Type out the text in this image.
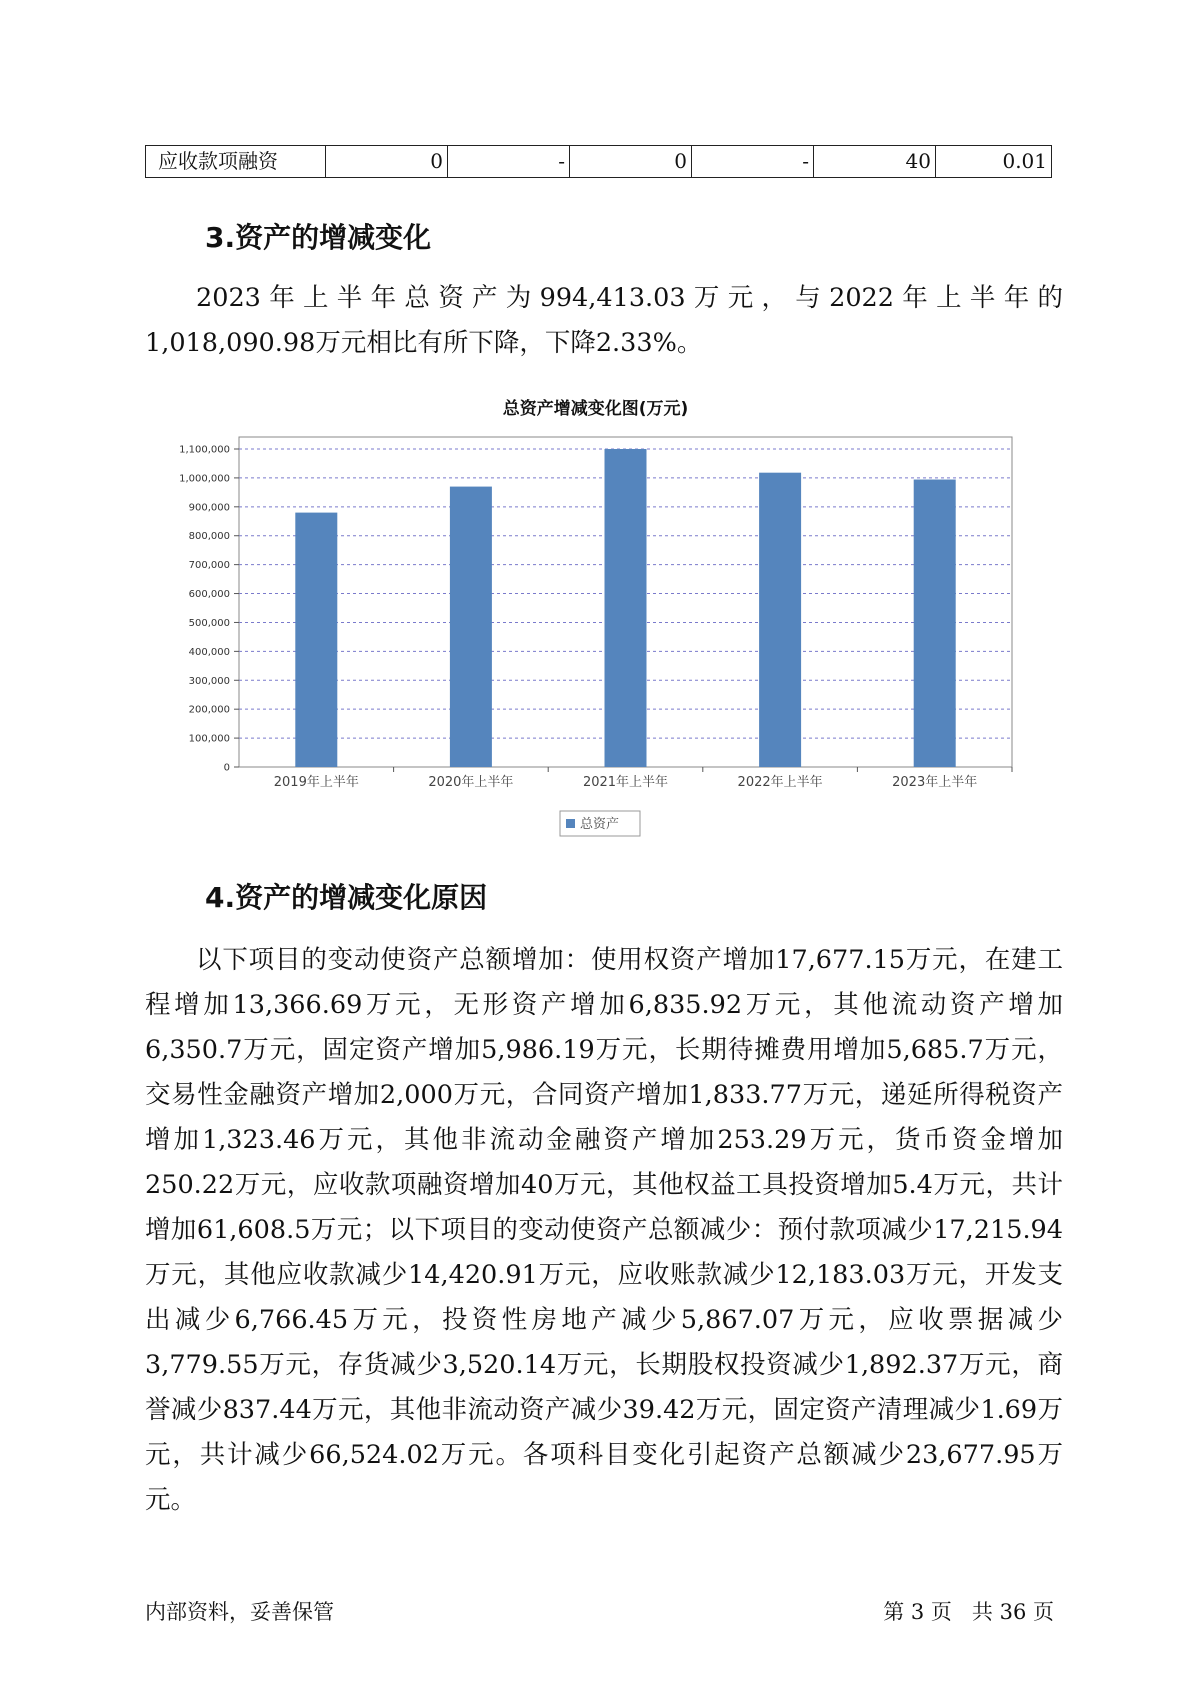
应收款项融资	0	-	0	-	40	0.01
3.资产的增减变化

2023年上半年总资产为994,413.03万元，与2022年上半年的1,018,090.98万元相比有所下降，下降2.33%。

总资产增减变化图(万元)
0
100,000
200,000
300,000
400,000
500,000
600,000
700,000
800,000
900,000
1,000,000
1,100,000
2019年上半年	2020年上半年	2021年上半年	2022年上半年	2023年上半年
总资产
4.资产的增减变化原因

以下项目的变动使资产总额增加：使用权资产增加17,677.15万元，在建工程增加13,366.69万元，无形资产增加6,835.92万元，其他流动资产增加6,350.7万元，固定资产增加5,986.19万元，长期待摊费用增加5,685.7万元，交易性金融资产增加2,000万元，合同资产增加1,833.77万元，递延所得税资产增加1,323.46万元，其他非流动金融资产增加253.29万元，货币资金增加250.22万元，应收款项融资增加40万元，其他权益工具投资增加5.4万元，共计增加61,608.5万元；以下项目的变动使资产总额减少：预付款项减少17,215.94万元，其他应收款减少14,420.91万元，应收账款减少12,183.03万元，开发支出减少6,766.45万元，投资性房地产减少5,867.07万元，应收票据减少3,779.55万元，存货减少3,520.14万元，长期股权投资减少1,892.37万元，商誉减少837.44万元，其他非流动资产减少39.42万元，固定资产清理减少1.69万元，共计减少66,524.02万元。各项科目变化引起资产总额减少23,677.95万元。

内部资料，妥善保管	第 3 页   共 36 页
